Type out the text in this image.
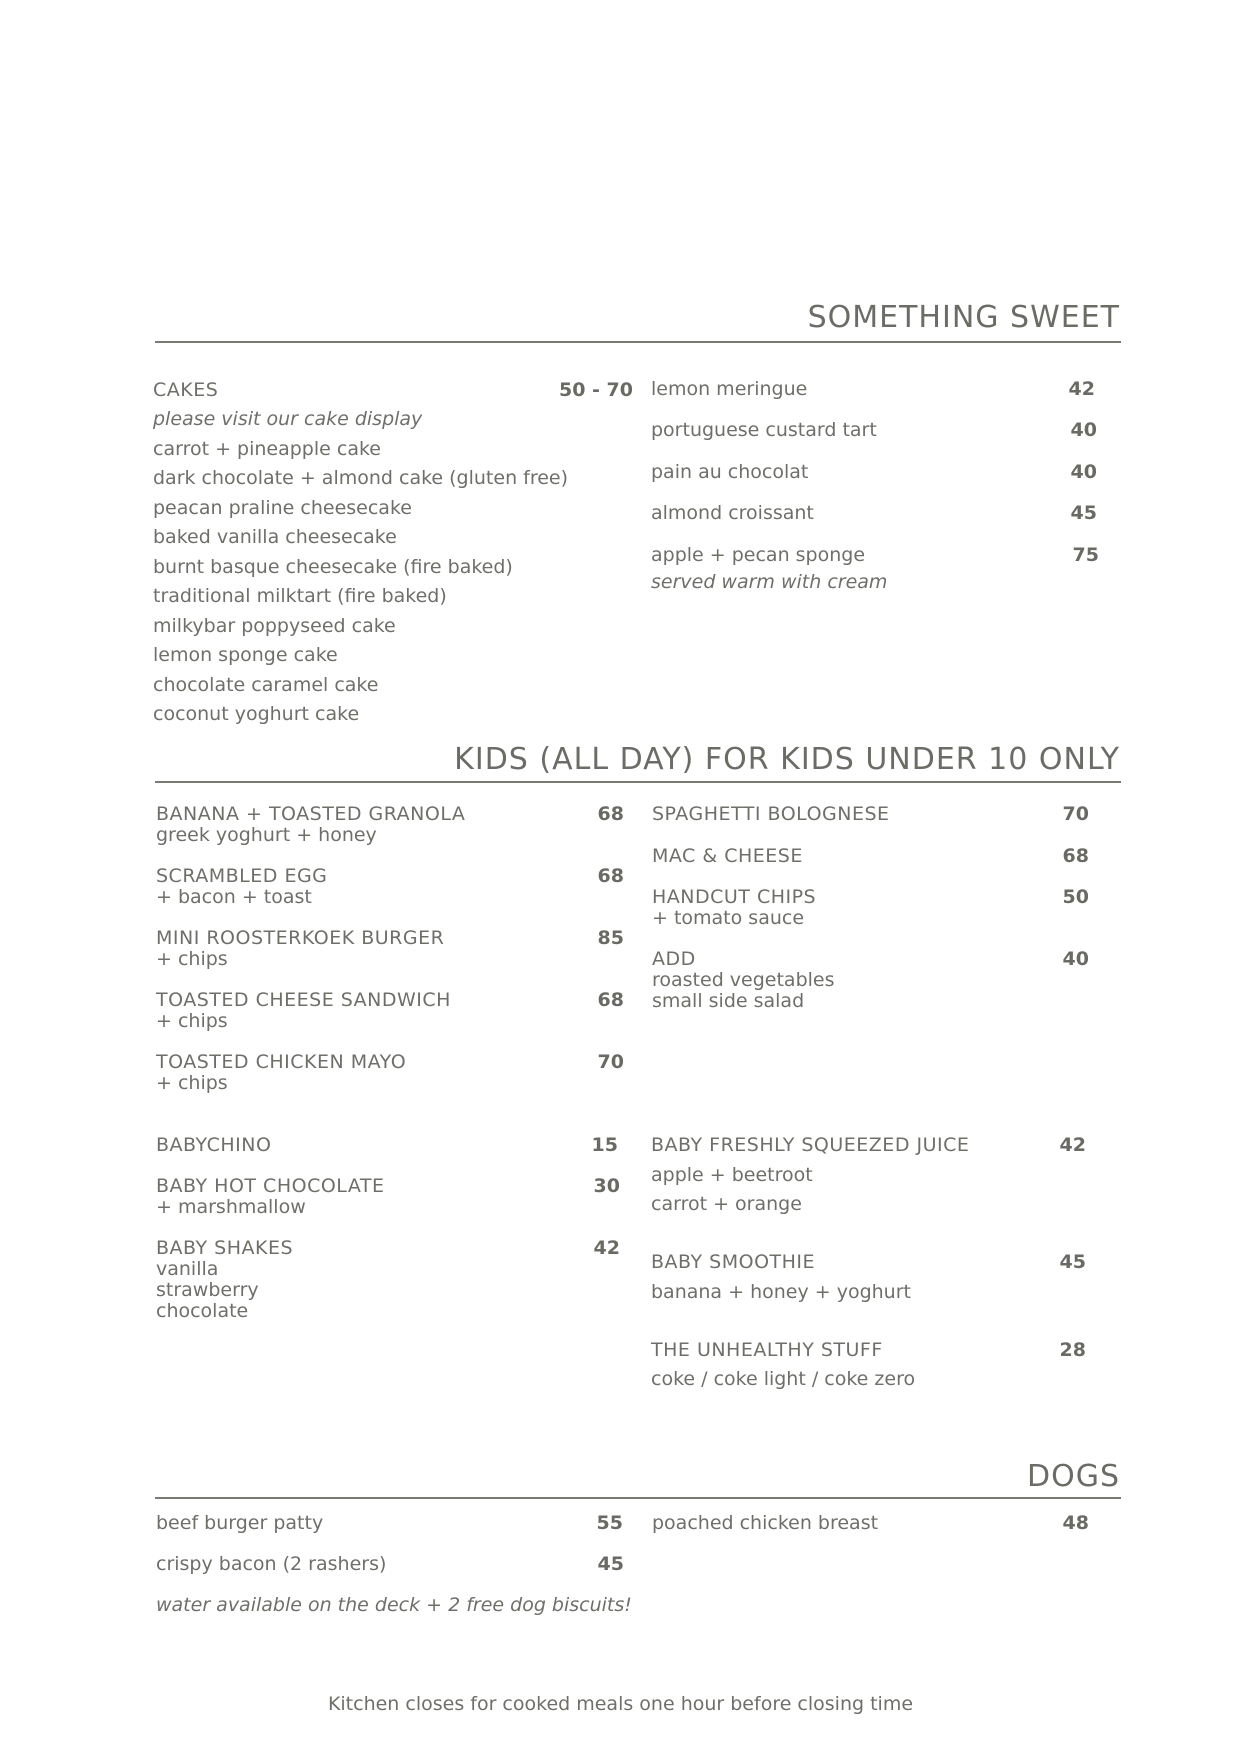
SOMETHING SWEET
CAKES	50 - 70
please visit our cake display
carrot + pineapple cake
dark chocolate + almond cake (gluten free)
peacan praline cheesecake
baked vanilla cheesecake
burnt basque cheesecake (fire baked)
traditional milktart (fire baked)
milkybar poppyseed cake
lemon sponge cake
chocolate caramel cake
coconut yoghurt cake
lemon meringue	42
portuguese custard tart	40
pain au chocolat	40
almond croissant	45
apple + pecan sponge	75
served warm with cream
KIDS (ALL DAY) FOR KIDS UNDER 10 ONLY
BANANA + TOASTED GRANOLA	68
greek yoghurt + honey
SCRAMBLED EGG	68
+ bacon + toast
MINI ROOSTERKOEK BURGER	85
+ chips
TOASTED CHEESE SANDWICH	68
+ chips
TOASTED CHICKEN MAYO	70
+ chips
SPAGHETTI BOLOGNESE	70
MAC & CHEESE	68
HANDCUT CHIPS	50
+ tomato sauce
ADD	40
roasted vegetables
small side salad
BABYCHINO	15
BABY HOT CHOCOLATE	30
+ marshmallow
BABY SHAKES	42
vanilla
strawberry
chocolate
BABY FRESHLY SQUEEZED JUICE	42
apple + beetroot
carrot + orange
BABY SMOOTHIE	45
banana + honey + yoghurt
THE UNHEALTHY STUFF	28
coke / coke light / coke zero
DOGS
beef burger patty	55
crispy bacon (2 rashers)	45
poached chicken breast	48
water available on the deck + 2 free dog biscuits!
Kitchen closes for cooked meals one hour before closing time
